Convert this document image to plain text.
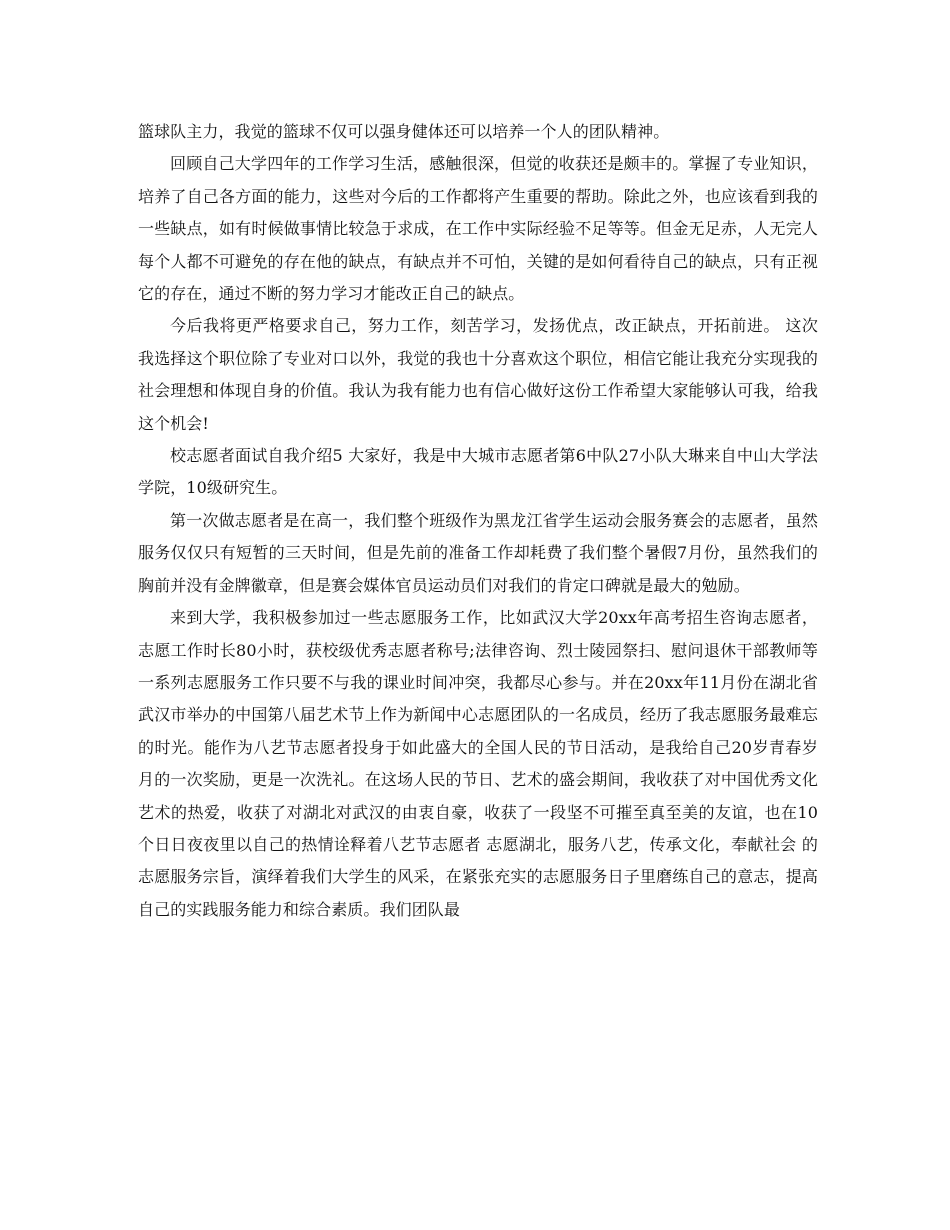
篮球队主力，我觉的篮球不仅可以强身健体还可以培养一个人的团队精神。

回顾自己大学四年的工作学习生活，感触很深，但觉的收获还是颇丰的。掌握了专业知识，培养了自己各方面的能力，这些对今后的工作都将产生重要的帮助。除此之外，也应该看到我的一些缺点，如有时候做事情比较急于求成，在工作中实际经验不足等等。但金无足赤，人无完人每个人都不可避免的存在他的缺点，有缺点并不可怕，关键的是如何看待自己的缺点，只有正视它的存在，通过不断的努力学习才能改正自己的缺点。

今后我将更严格要求自己，努力工作，刻苦学习，发扬优点，改正缺点，开拓前进。 这次我选择这个职位除了专业对口以外，我觉的我也十分喜欢这个职位，相信它能让我充分实现我的社会理想和体现自身的价值。我认为我有能力也有信心做好这份工作希望大家能够认可我，给我这个机会!

校志愿者面试自我介绍5 大家好，我是中大城市志愿者第6中队27小队大琳来自中山大学法学院，10级研究生。

第一次做志愿者是在高一，我们整个班级作为黑龙江省学生运动会服务赛会的志愿者，虽然服务仅仅只有短暂的三天时间，但是先前的准备工作却耗费了我们整个暑假7月份，虽然我们的胸前并没有金牌徽章，但是赛会媒体官员运动员们对我们的肯定口碑就是最大的勉励。

来到大学，我积极参加过一些志愿服务工作，比如武汉大学20xx年高考招生咨询志愿者，志愿工作时长80小时，获校级优秀志愿者称号;法律咨询、烈士陵园祭扫、慰问退休干部教师等一系列志愿服务工作只要不与我的课业时间冲突，我都尽心参与。并在20xx年11月份在湖北省武汉市举办的中国第八届艺术节上作为新闻中心志愿团队的一名成员，经历了我志愿服务最难忘的时光。能作为八艺节志愿者投身于如此盛大的全国人民的节日活动，是我给自己20岁青春岁月的一次奖励，更是一次洗礼。在这场人民的节日、艺术的盛会期间，我收获了对中国优秀文化艺术的热爱，收获了对湖北对武汉的由衷自豪，收获了一段坚不可摧至真至美的友谊，也在10个日日夜夜里以自己的热情诠释着八艺节志愿者 志愿湖北，服务八艺，传承文化，奉献社会 的志愿服务宗旨，演绎着我们大学生的风采，在紧张充实的志愿服务日子里磨练自己的意志，提高自己的实践服务能力和综合素质。我们团队最
